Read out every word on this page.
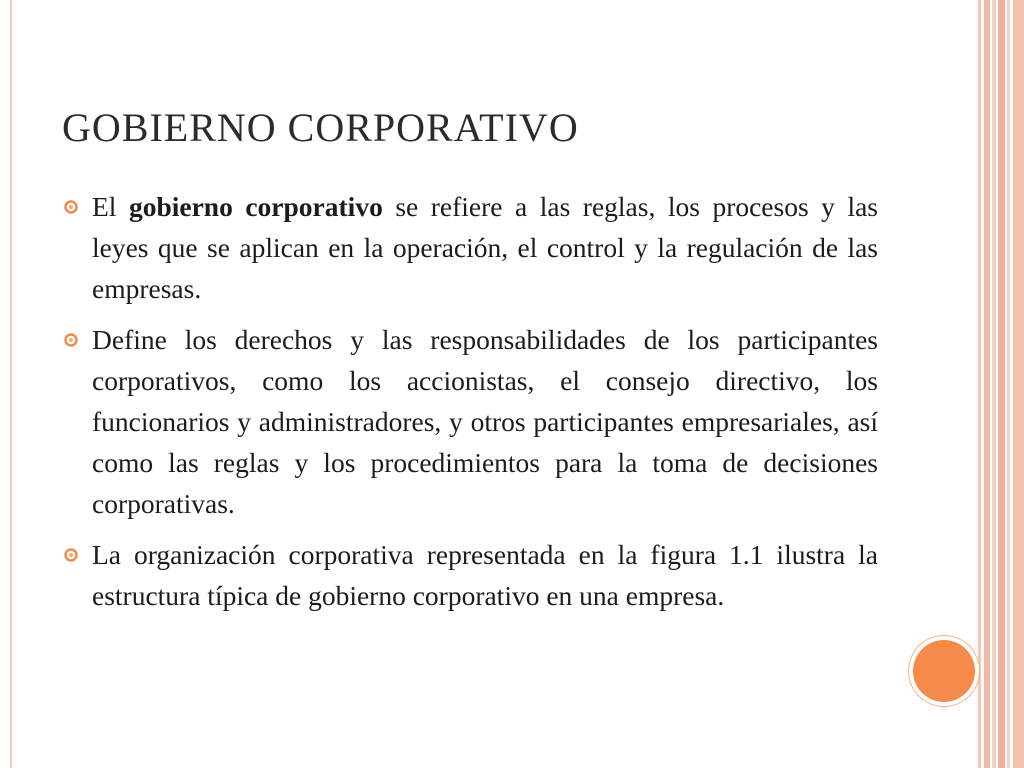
GOBIERNO CORPORATIVO

El gobierno corporativo se refiere a las reglas, los procesos y las leyes que se aplican en la operación, el control y la regulación de las empresas.

Define los derechos y las responsabilidades de los participantes corporativos, como los accionistas, el consejo directivo, los funcionarios y administradores, y otros participantes empresariales, así como las reglas y los procedimientos para la toma de decisiones corporativas.

La organización corporativa representada en la figura 1.1 ilustra la estructura típica de gobierno corporativo en una empresa.
